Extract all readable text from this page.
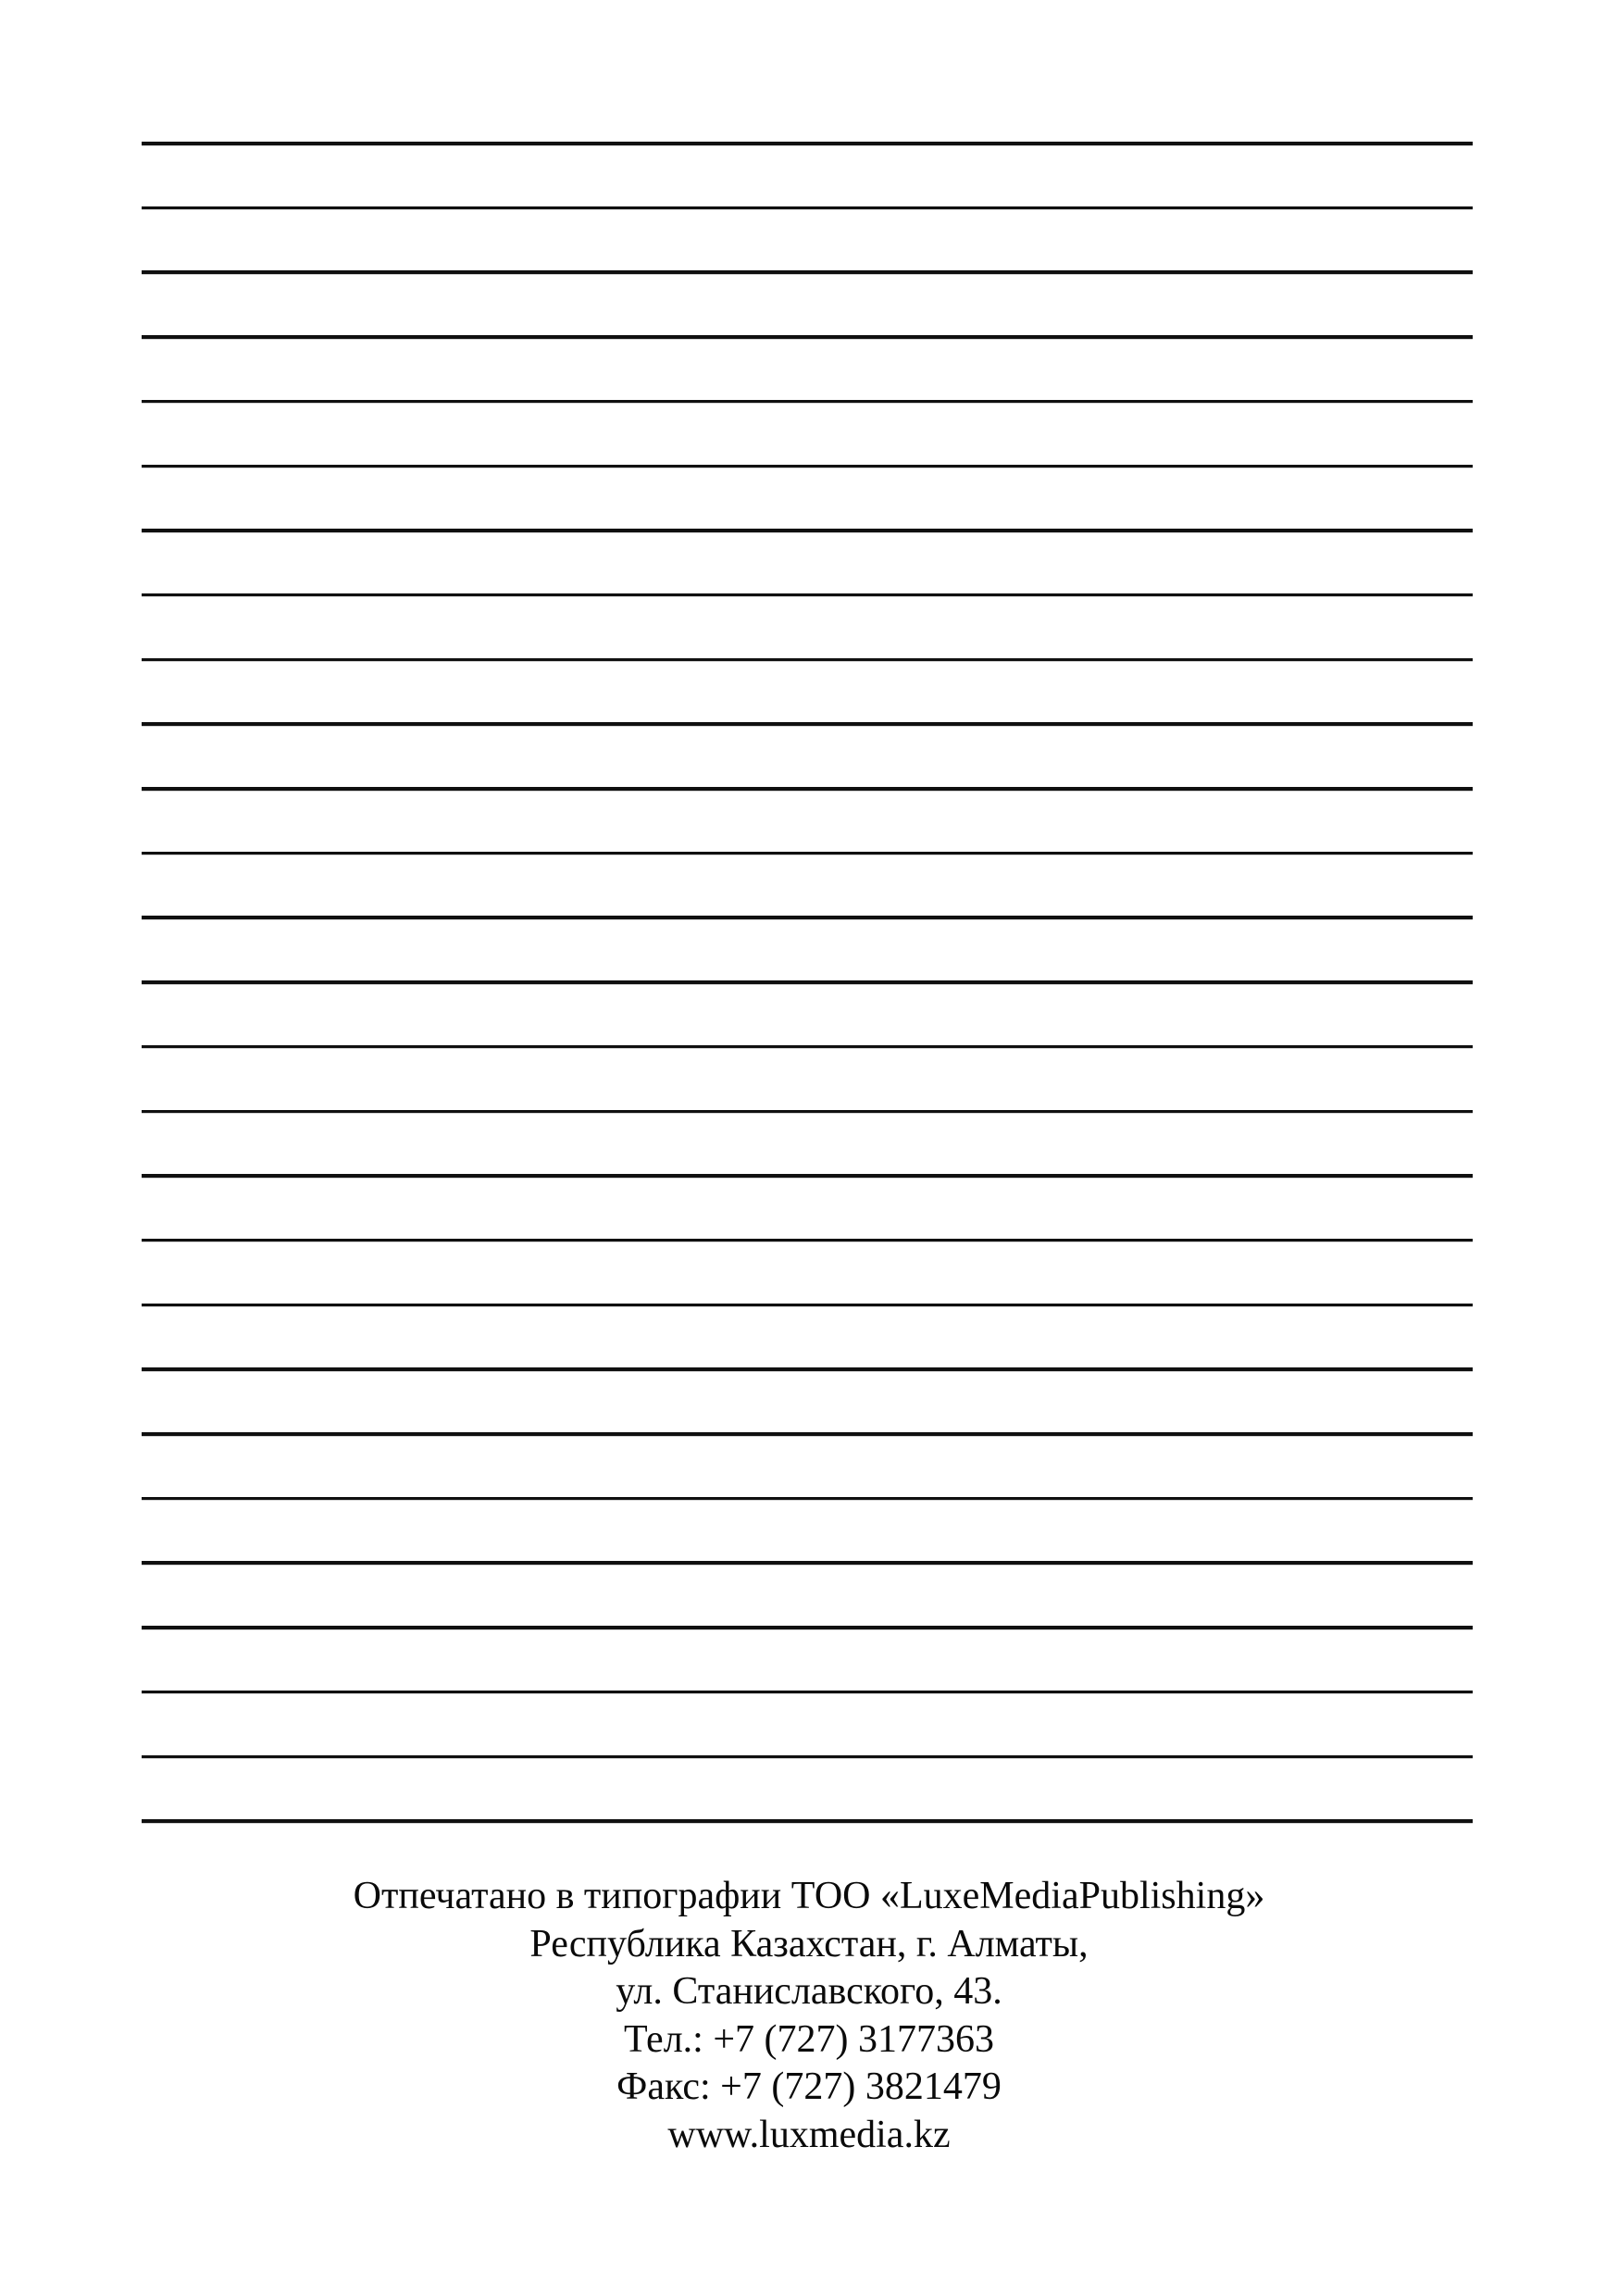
Отпечатано в типографии ТОО «LuxeMediaPublishing»
Республика Казахстан, г. Алматы,
ул. Станиславского, 43.
Тел.: +7 (727) 3177363
Факс: +7 (727) 3821479
www.luxmedia.kz
